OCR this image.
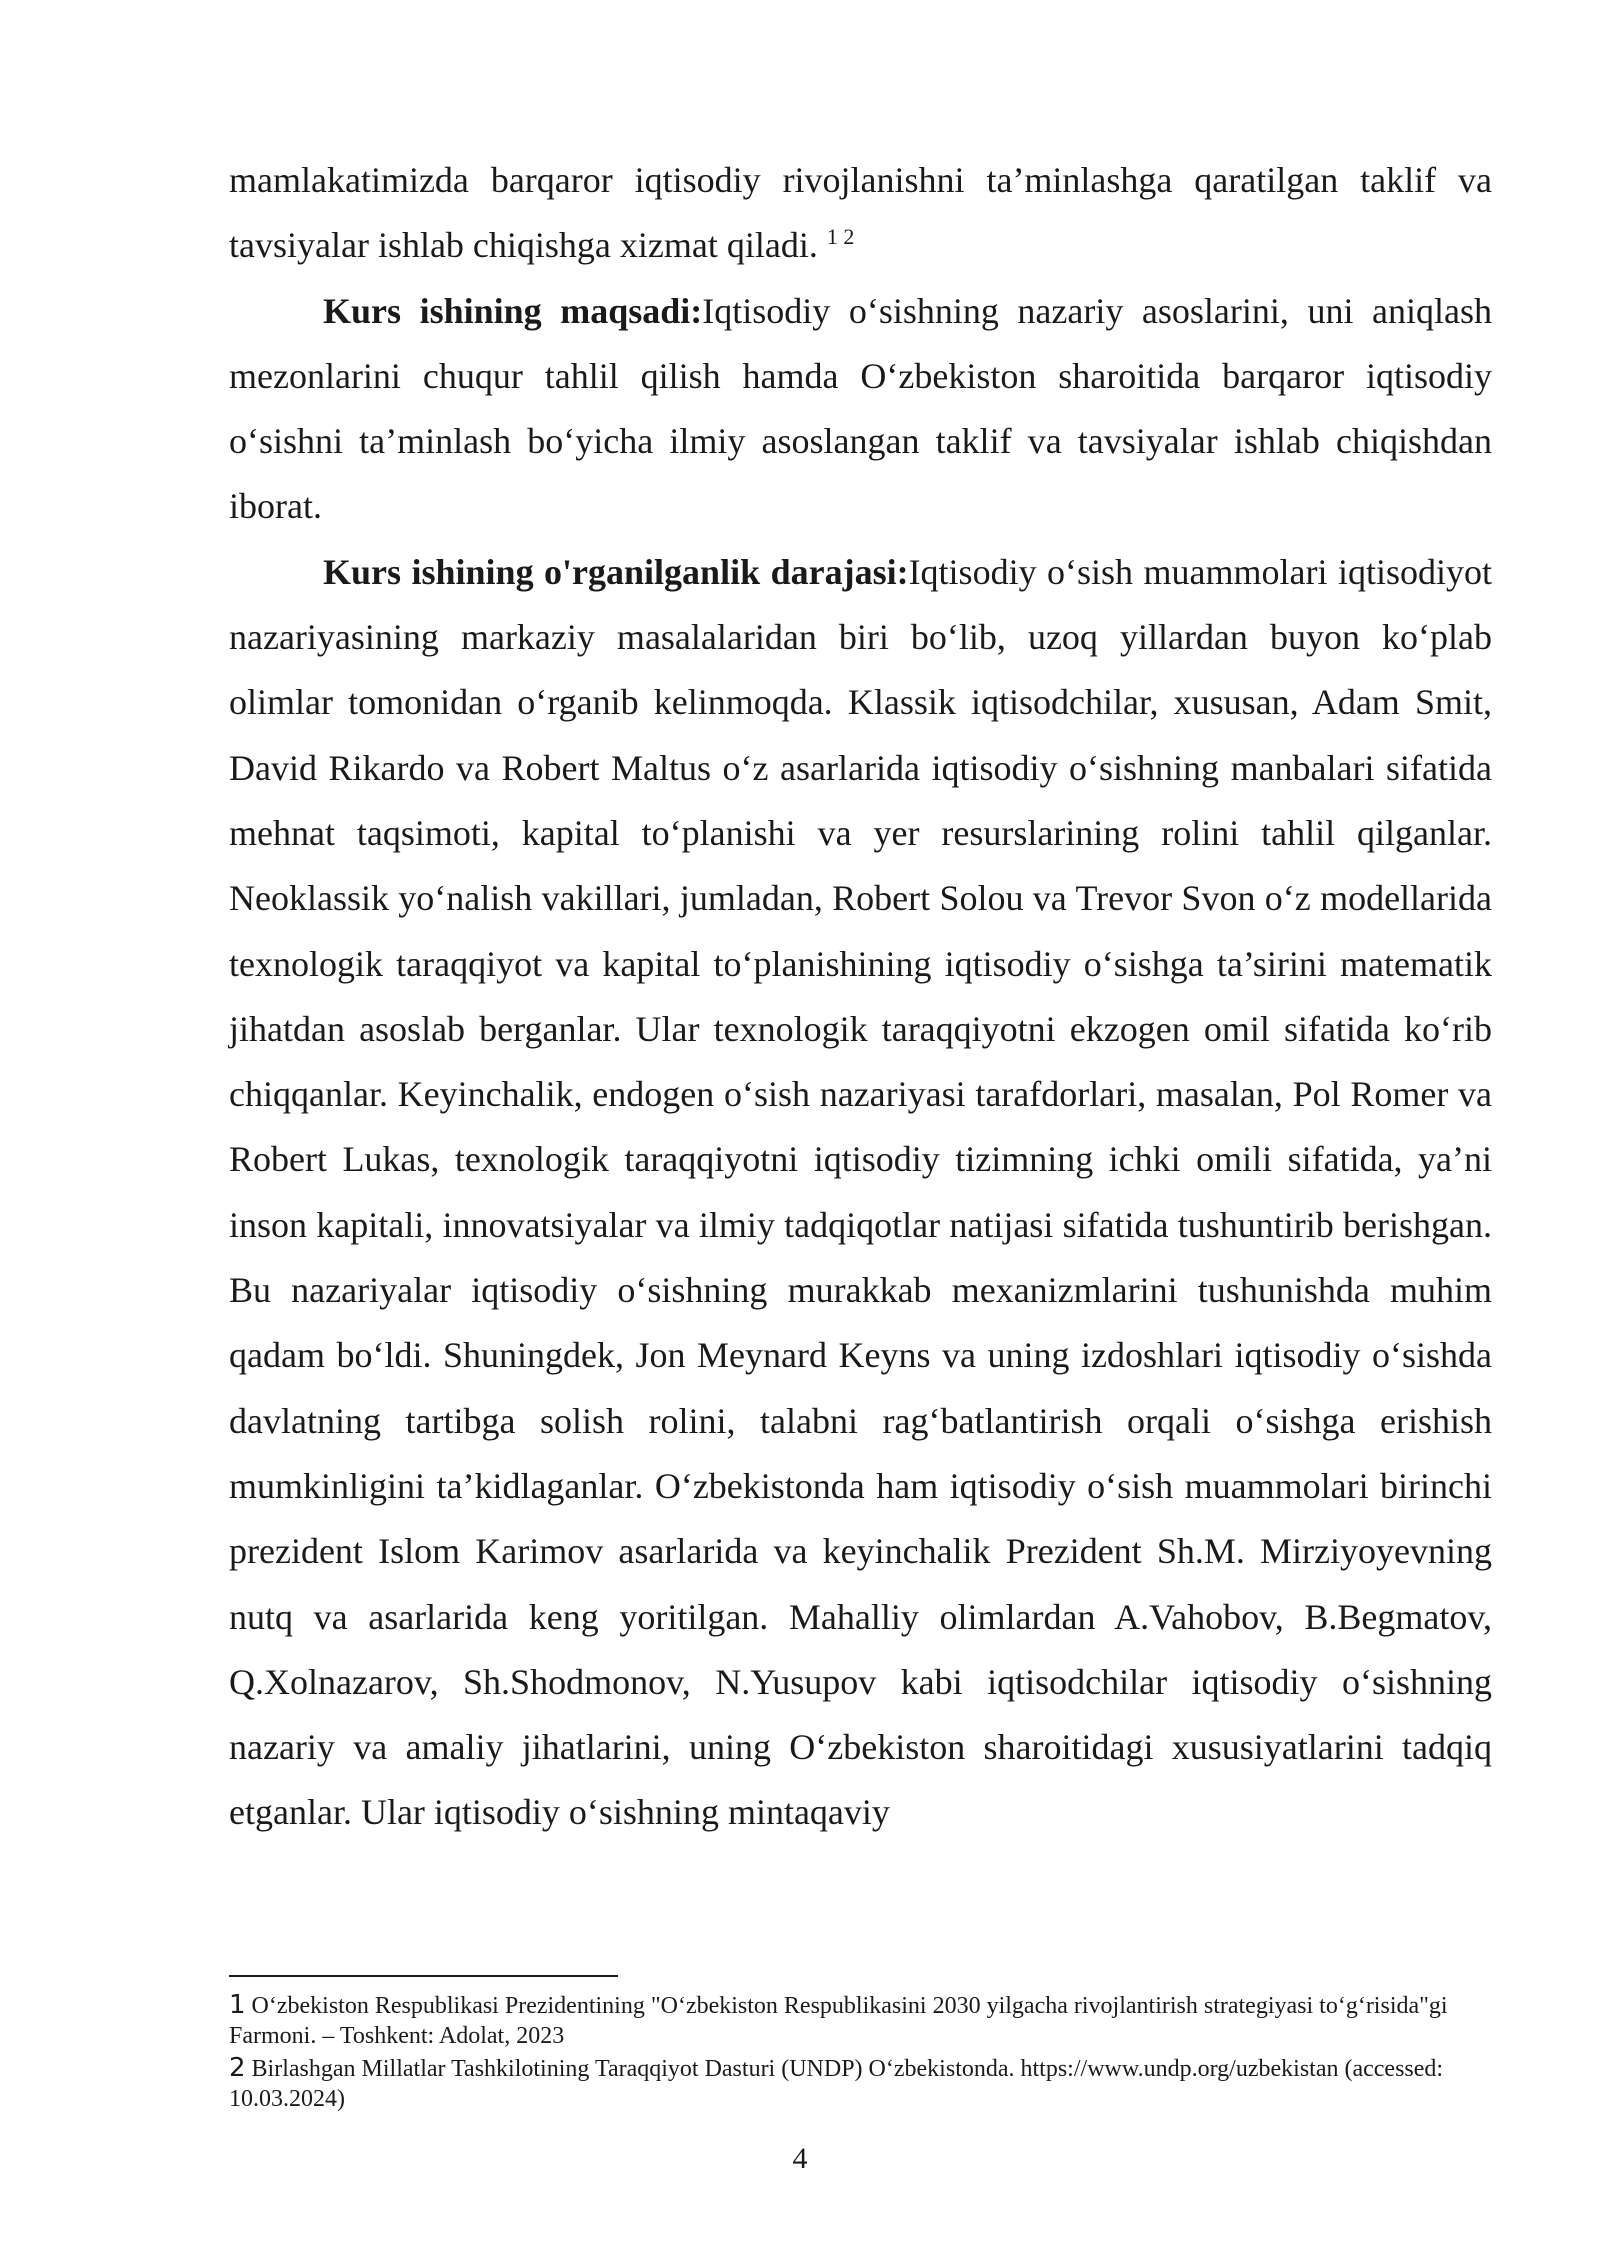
mamlakatimizda barqaror iqtisodiy rivojlanishni ta’minlashga qaratilgan taklif va tavsiyalar ishlab chiqishga xizmat qiladi. $^{1 2}$

Kurs ishining maqsadi:Iqtisodiy o‘sishning nazariy asoslarini, uni aniqlash mezonlarini chuqur tahlil qilish hamda O‘zbekiston sharoitida barqaror iqtisodiy o‘sishni ta’minlash bo‘yicha ilmiy asoslangan taklif va tavsiyalar ishlab chiqishdan iborat.

Kurs ishining o'rganilganlik darajasi:Iqtisodiy o‘sish muammolari iqtisodiyot nazariyasining markaziy masalalaridan biri bo‘lib, uzoq yillardan buyon ko‘plab olimlar tomonidan o‘rganib kelinmoqda. Klassik iqtisodchilar, xususan, Adam Smit, David Rikardo va Robert Maltus o‘z asarlarida iqtisodiy o‘sishning manbalari sifatida mehnat taqsimoti, kapital to‘planishi va yer resurslarining rolini tahlil qilganlar. Neoklassik yo‘nalish vakillari, jumladan, Robert Solou va Trevor Svon o‘z modellarida texnologik taraqqiyot va kapital to‘planishining iqtisodiy o‘sishga ta’sirini matematik jihatdan asoslab berganlar. Ular texnologik taraqqiyotni ekzogen omil sifatida ko‘rib chiqqanlar. Keyinchalik, endogen o‘sish nazariyasi tarafdorlari, masalan, Pol Romer va Robert Lukas, texnologik taraqqiyotni iqtisodiy tizimning ichki omili sifatida, ya’ni inson kapitali, innovatsiyalar va ilmiy tadqiqotlar natijasi sifatida tushuntirib berishgan. Bu nazariyalar iqtisodiy o‘sishning murakkab mexanizmlarini tushunishda muhim qadam bo‘ldi. Shuningdek, Jon Meynard Keyns va uning izdoshlari iqtisodiy o‘sishda davlatning tartibga solish rolini, talabni rag‘batlantirish orqali o‘sishga erishish mumkinligini ta’kidlaganlar. O‘zbekistonda ham iqtisodiy o‘sish muammolari birinchi prezident Islom Karimov asarlarida va keyinchalik Prezident Sh.M. Mirziyoyevning nutq va asarlarida keng yoritilgan. Mahalliy olimlardan A.Vahobov, B.Begmatov, Q.Xolnazarov, Sh.Shodmonov, N.Yusupov kabi iqtisodchilar iqtisodiy o‘sishning nazariy va amaliy jihatlarini, uning O‘zbekiston sharoitidagi xususiyatlarini tadqiq etganlar. Ular iqtisodiy o‘sishning mintaqaviy

1 O‘zbekiston Respublikasi Prezidentining "O‘zbekiston Respublikasini 2030 yilgacha rivojlantirish strategiyasi to‘g‘risida"gi Farmoni. – Toshkent: Adolat, 2023

2 Birlashgan Millatlar Tashkilotining Taraqqiyot Dasturi (UNDP) O‘zbekistonda. https://www.undp.org/uzbekistan (accessed: 10.03.2024)

4
